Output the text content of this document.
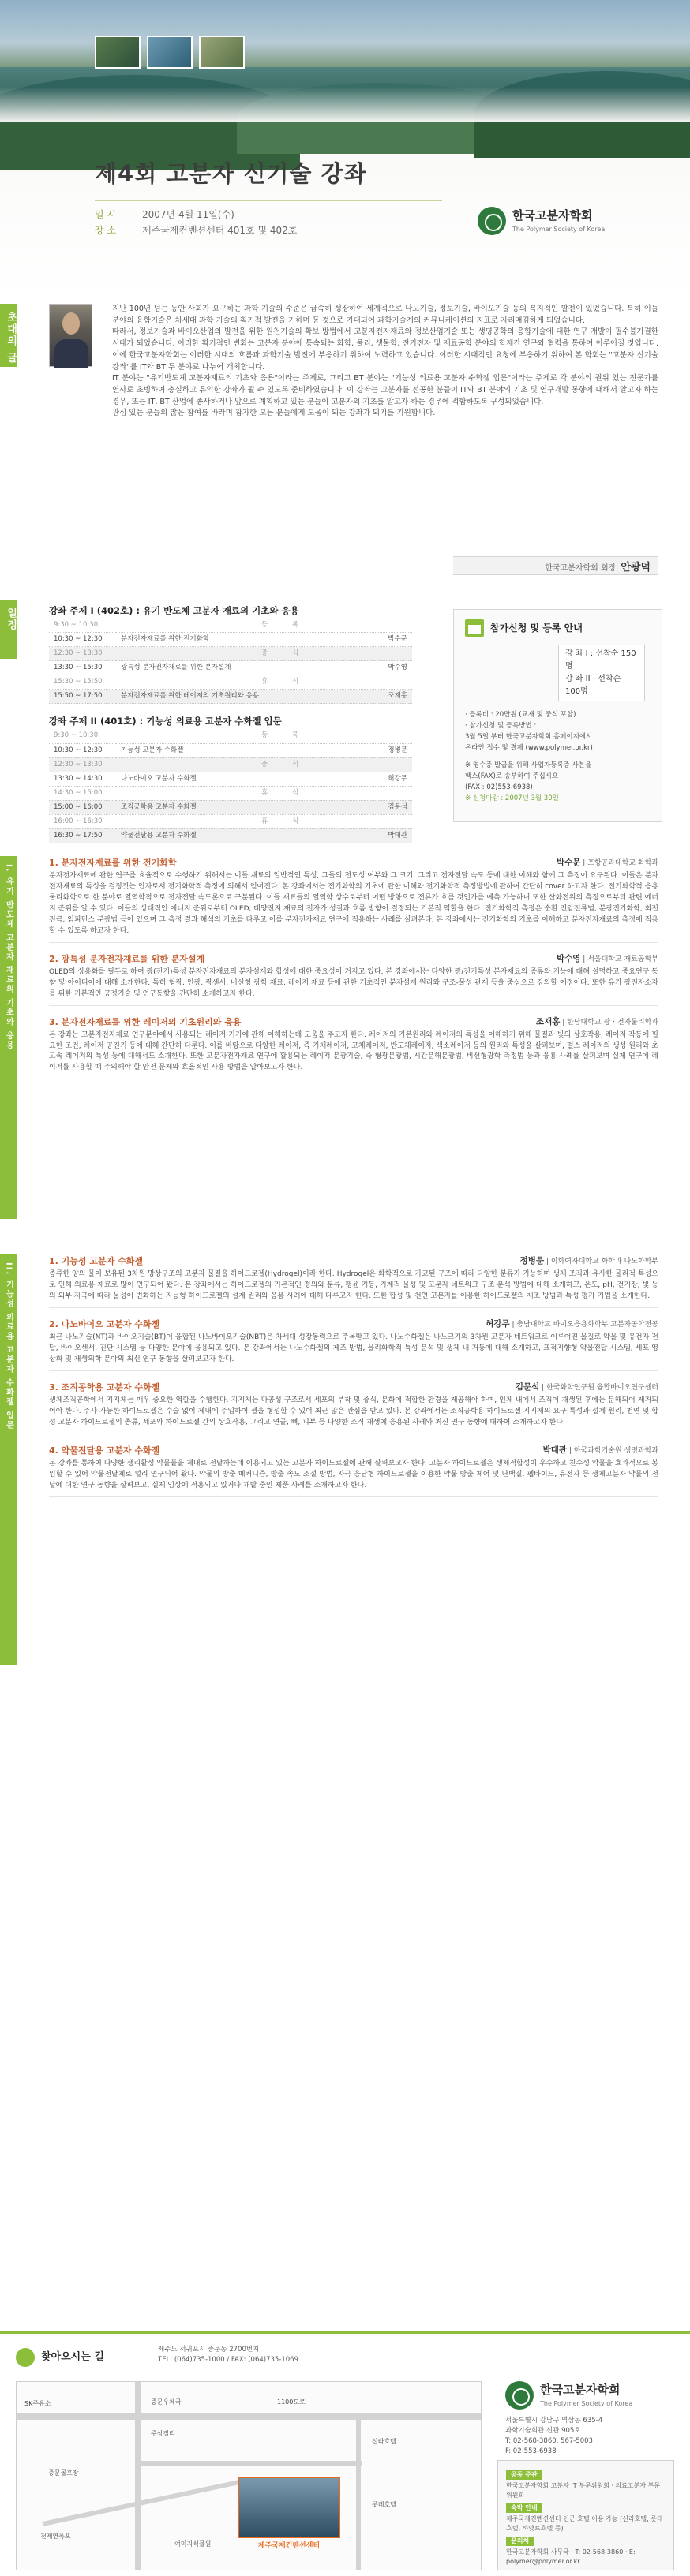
제4회 고분자 신기술 강좌
일 시	2007년 4월 11일(수)
장 소	제주국제컨벤션센터 401호 및 402호
한국고분자학회
The Polymer Society of Korea
초대의 글

지난 100년 넘는 동안 사회가 요구하는 과학 기술의 수준은 급속히 성장하여 세계적으로 나노기술, 정보기술, 바이오기술 등의 복지적인 발전이 있었습니다. 특히 이들 분야의 융합기술은 차세대 과학 기술의 획기적 발전을 기하며 동 것으로 기대되어 과학기술계의 커뮤니케이션의 지표로 자리매김하게 되었습니다.

따라서, 정보기술과 바이오산업의 발전을 위한 원천기술의 확보 방법에서 고분자전자재료와 정보산업기술 또는 생명공학의 응합기술에 대한 연구 개발이 필수불가결한 시대가 되었습니다. 이러한 획기적인 변화는 고분자 분야에 통속되는 화학, 물리, 생물학, 전기전자 및 재료공학 분야의 학제간 연구와 협력을 통하여 이루어질 것입니다. 이에 한국고분자학회는 이러한 시대의 흐름과 과학기술 발전에 부응하기 위하여 노력하고 있습니다. 이러한 시대적인 요청에 부응하기 위하여 본 학회는 "고분자 신기술 강좌"를 IT와 BT 두 분야로 나누어 개최합니다.

IT 분야는 "유기반도체 고분자재료의 기초와 응용"이라는 주제로, 그리고 BT 분야는 "기능성 의료용 고분자 수화젤 입문"이라는 주제로 각 분야의 권위 있는 전문가를 연사로 초빙하여 충실하고 유익한 강좌가 될 수 있도록 준비하였습니다. 이 강좌는 고분자를 전공한 분들이 IT와 BT 분야의 기초 및 연구개발 동향에 대해서 알고자 하는 경우, 또는 IT, BT 산업에 종사하거나 앞으로 계획하고 있는 분들이 고분자의 기초를 알고자 하는 경우에 적합하도록 구성되었습니다.

관심 있는 분들의 많은 참여를 바라며 참가한 모든 분들에게 도움이 되는 강좌가 되기를 기원합니다.

한국고분자학회 회장 안광덕
일정	강좌 주제 I (402호) : 유기 반도체 고분자 재료의 기초와 응용
9:30 ~ 10:30	등 록	
10:30 ~ 12:30	분자전자재료를 위한 전기화학	박수문
12:30 ~ 13:30	중 식	
13:30 ~ 15:30	광특성 분자전자재료를 위한 분자설계	박수영
15:30 ~ 15:50	휴 식	
15:50 ~ 17:50	분자전자재료를 위한 레이저의 기초원리와 응용	조재홍
강좌 주제 II (401호) : 기능성 의료용 고분자 수화젤 입문
9:30 ~ 10:30	등 록	
10:30 ~ 12:30	기능성 고분자 수화젤	정병문
12:30 ~ 13:30	중 식	
13:30 ~ 14:30	나노바이오 고분자 수화젤	허강무
14:30 ~ 15:00	휴 식	
15:00 ~ 16:00	조직공학용 고분자 수화젤	김문석
16:00 ~ 16:30	휴 식	
16:30 ~ 17:50	약물전달용 고분자 수화젤	박태관
참가신청 및 등록 안내
강 좌 I : 선착순 150명
강 좌 II : 선착순 100명
· 등록비 : 20만원 (교재 및 중식 포함)
· 참가신청 및 등록방법 :
3월 5일 부터 한국고분자학회 홈페이지에서
온라인 접수 및 결제 (www.polymer.or.kr)
※ 영수증 발급을 위해 사업자등록증 사본을
팩스(FAX)로 송부하여 주십시오
(FAX : 02)553-6938)
※ 신청마감 : 2007년 3월 30일
I. 유기 반도체 고분자 재료의 기초와 응용
1. 분자전자재료를 위한 전기화학	박수문 | 포항공과대학교 화학과

분자전자재료에 관한 연구를 효율적으로 수행하기 위해서는 이들 재료의 일반적인 특성, 그들의 전도성 여부와 그 크기, 그리고 전자전달 속도 등에 대한 이해와 함께 그 측정이 요구된다. 이들은 분자전자재료의 특성을 결정짓는 인자로서 전기화학적 측정에 의해서 얻어진다. 본 강좌에서는 전기화학의 기초에 관한 이해와 전기화학적 측정방법에 관하여 간단히 cover 하고자 한다. 전기화학적 응용 물리화학으로 한 분야로 열역학적으로 전자전달 속도론으로 구분된다. 이들 재료들의 열역학 상수로부터 어떤 방향으로 전류가 흐를 것인가를 예측 가능하며 또한 산화전위의 측정으로부터 관련 에너지 준위를 알 수 있다. 이들의 상대적인 에너지 준위로부터 OLED, 태양전지 재료의 전자가 성질과 흐름 방향이 결정되는 기본적 역할을 한다. 전기화학적 측정은 순환 전압전류법, 분광전기화학, 회전전극, 임피던스 분광법 등이 있으며 그 측정 결과 해석의 기초를 다루고 이를 분자전자재료 연구에 적용하는 사례를 살펴본다. 본 강좌에서는 전기화학의 기초를 이해하고 분자전자재료의 측정에 적용할 수 있도록 하고자 한다.

2. 광특성 분자전자재료를 위한 분자설계	박수영 | 서울대학교 재료공학부

OLED의 상용화를 필두로 하여 광(전기)특성 분자전자재료의 분자설계와 합성에 대한 중요성이 커지고 있다. 본 강좌에서는 다양한 광/전기특성 분자재료의 종류와 기능에 대해 설명하고 중요연구 동향 및 아이디어에 대해 소개한다. 특히 형광, 인광, 광센서, 비선형 광학 재료, 레이저 재료 등에 관한 기초적인 분자설계 원리와 구조-물성 관계 등을 중심으로 강의할 예정이다. 또한 유기 광전자소자를 위한 기본적인 공정기술 및 연구동향을 간단히 소개하고자 한다.

3. 분자전자재료를 위한 레이저의 기초원리와 응용	조재홍 | 한남대학교 광ㆍ전자물리학과

본 강좌는 고분자전자재료 연구분야에서 사용되는 레이저 기기에 관해 이해하는데 도움을 주고자 한다. 레이저의 기본원리와 레이저의 특성을 이해하기 위해 물질과 빛의 상호작용, 레이저 작동에 필요한 조건, 레이저 공진기 등에 대해 간단히 다룬다. 이를 바탕으로 다양한 레이저, 즉 기체레이저, 고체레이저, 반도체레이저, 색소레이저 등의 원리와 특성을 살펴보며, 펄스 레이저의 생성 원리와 초고속 레이저의 특성 등에 대해서도 소개한다. 또한 고분자전자재료 연구에 활용되는 레이저 분광기술, 즉 형광분광법, 시간분해분광법, 비선형광학 측정법 등과 응용 사례를 살펴보며 실제 연구에 레이저를 사용할 때 주의해야 할 안전 문제와 효율적인 사용 방법을 알아보고자 한다.

II. 기능성 의료용 고분자 수화젤 입문
1. 기능성 고분자 수화젤	정병문 | 이화여자대학교 화학과 나노화학부

종류한 양의 물이 보유된 3차원 망상구조의 고분자 물질을 하이드로젤(Hydrogel)이라 한다. Hydrogel은 화학적으로 가교된 구조에 따라 다양한 분류가 가능하며 생체 조직과 유사한 물리적 특성으로 인해 의료용 재료로 많이 연구되어 왔다. 본 강좌에서는 하이드로젤의 기본적인 정의와 분류, 팽윤 거동, 기계적 물성 및 고분자 네트워크 구조 분석 방법에 대해 소개하고, 온도, pH, 전기장, 빛 등의 외부 자극에 따라 물성이 변화하는 지능형 하이드로젤의 설계 원리와 응용 사례에 대해 다루고자 한다. 또한 합성 및 천연 고분자를 이용한 하이드로젤의 제조 방법과 특성 평가 기법을 소개한다.

2. 나노바이오 고분자 수화젤	허강무 | 충남대학교 바이오응용화학부 고분자공학전공

최근 나노기술(NT)과 바이오기술(BT)이 융합된 나노바이오기술(NBT)은 차세대 성장동력으로 주목받고 있다. 나노수화젤은 나노크기의 3차원 고분자 네트워크로 이루어진 물질로 약물 및 유전자 전달, 바이오센서, 진단 시스템 등 다양한 분야에 응용되고 있다. 본 강좌에서는 나노수화젤의 제조 방법, 물리화학적 특성 분석 및 생체 내 거동에 대해 소개하고, 표적지향형 약물전달 시스템, 세포 영상화 및 재생의학 분야의 최신 연구 동향을 살펴보고자 한다.

3. 조직공학용 고분자 수화젤	김문석 | 한국화학연구원 융합바이오연구센터

생체조직공학에서 지지체는 매우 중요한 역할을 수행한다. 지지체는 다공성 구조로서 세포의 부착 및 증식, 분화에 적합한 환경을 제공해야 하며, 인체 내에서 조직이 재생된 후에는 분해되어 제거되어야 한다. 주사 가능한 하이드로젤은 수술 없이 체내에 주입하여 젤을 형성할 수 있어 최근 많은 관심을 받고 있다. 본 강좌에서는 조직공학용 하이드로젤 지지체의 요구 특성과 설계 원리, 천연 및 합성 고분자 하이드로젤의 종류, 세포와 하이드로젤 간의 상호작용, 그리고 연골, 뼈, 피부 등 다양한 조직 재생에 응용된 사례와 최신 연구 동향에 대하여 소개하고자 한다.

4. 약물전달용 고분자 수화젤	박태관 | 한국과학기술원 생명과학과

본 강좌를 통하여 다양한 생리활성 약물들을 체내로 전달하는데 이용되고 있는 고분자 하이드로젤에 관해 살펴보고자 한다. 고분자 하이드로젤은 생체적합성이 우수하고 친수성 약물을 효과적으로 봉입할 수 있어 약물전달체로 널리 연구되어 왔다. 약물의 방출 메커니즘, 방출 속도 조절 방법, 자극 응답형 하이드로젤을 이용한 약물 방출 제어 및 단백질, 펩타이드, 유전자 등 생체고분자 약물의 전달에 대한 연구 동향을 살펴보고, 실제 임상에 적용되고 있거나 개발 중인 제품 사례를 소개하고자 한다.

찾아오시는 길
제주도 서귀포시 중문동 2700번지
TEL: (064)735-1000 / FAX: (064)735-1069
SK주유소
주상절리
중문골프장
신라호텔
롯데호텔
여미지식물원
천제연폭포
중문우체국	1100도로
제주국제컨벤션센터
한국고분자학회
The Polymer Society of Korea
서울특별시 강남구 역삼동 635-4
과학기술회관 신관 905호
T: 02-568-3860, 567-5003
F: 02-553-6938
공동 주관
한국고분자학회 고분자 IT 부문위원회 · 의료고분자 부문위원회
숙박 안내
제주국제컨벤션센터 인근 호텔 이용 가능 (신라호텔, 롯데호텔, 하얏트호텔 등)
문의처
한국고분자학회 사무국 · T: 02-568-3860 · E: polymer@polymer.or.kr
